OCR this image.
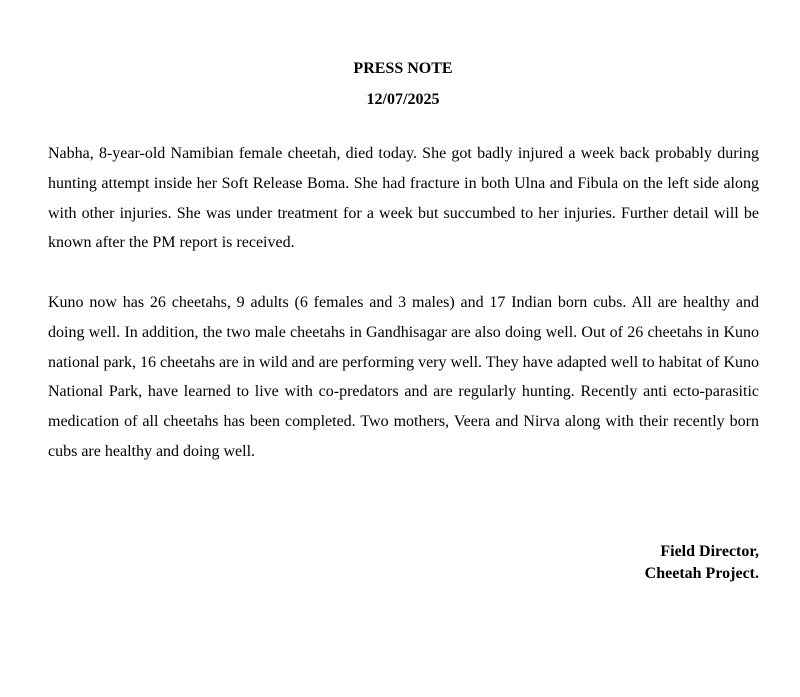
PRESS NOTE
12/07/2025

Nabha, 8-year-old Namibian female cheetah, died today. She got badly injured a week back probably during hunting attempt inside her Soft Release Boma. She had fracture in both Ulna and Fibula on the left side along with other injuries. She was under treatment for a week but succumbed to her injuries. Further detail will be known after the PM report is received.

Kuno now has 26 cheetahs, 9 adults (6 females and 3 males) and 17 Indian born cubs. All are healthy and doing well. In addition, the two male cheetahs in Gandhisagar are also doing well. Out of 26 cheetahs in Kuno national park, 16 cheetahs are in wild and are performing very well. They have adapted well to habitat of Kuno National Park, have learned to live with co-predators and are regularly hunting. Recently anti ecto-parasitic medication of all cheetahs has been completed. Two mothers, Veera and Nirva along with their recently born cubs are healthy and doing well.

Field Director,
Cheetah Project.
